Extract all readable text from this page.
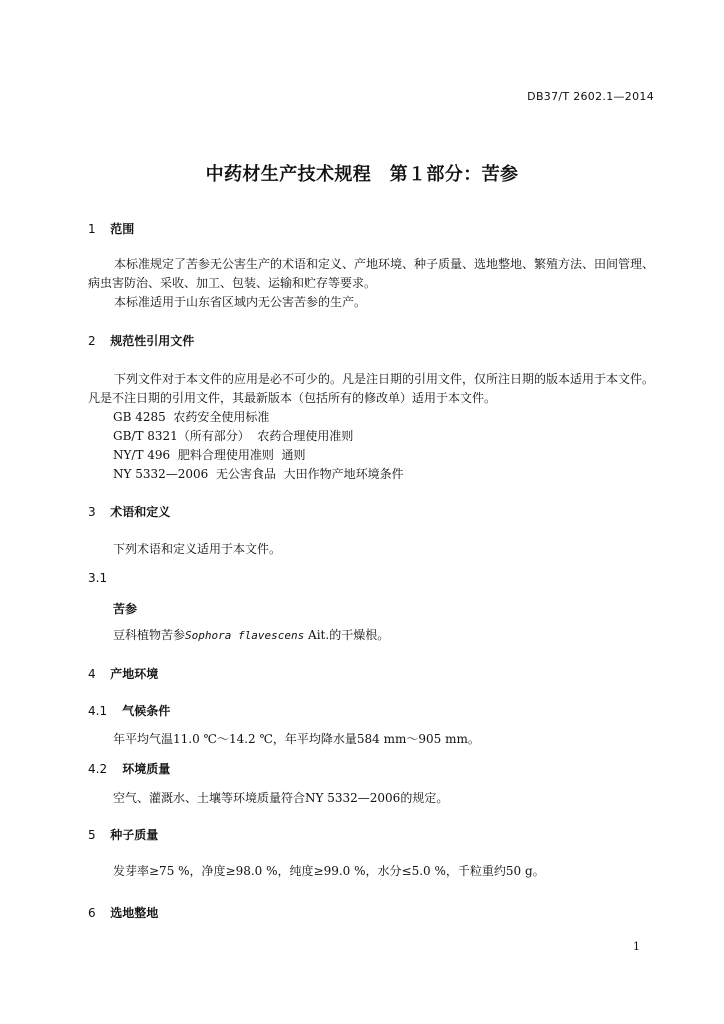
DB37/T 2602.1—2014
中药材生产技术规程　第１部分：苦参
1 范围
本标准规定了苦参无公害生产的术语和定义、产地环境、种子质量、选地整地、繁殖方法、田间管理、病虫害防治、采收、加工、包装、运输和贮存等要求。
本标准适用于山东省区域内无公害苦参的生产。
2 规范性引用文件
下列文件对于本文件的应用是必不可少的。凡是注日期的引用文件，仅所注日期的版本适用于本文件。凡是不注日期的引用文件，其最新版本（包括所有的修改单）适用于本文件。
GB 4285  农药安全使用标准
GB/T 8321（所有部分）  农药合理使用准则
NY/T 496  肥料合理使用准则  通则
NY 5332—2006  无公害食品  大田作物产地环境条件
3 术语和定义
下列术语和定义适用于本文件。
3.1
苦参
豆科植物苦参Sophora flavescens Ait.的干燥根。
4 产地环境
4.1 气候条件
年平均气温11.0 ℃～14.2 ℃，年平均降水量584 mm～905 mm。
4.2 环境质量
空气、灌溉水、土壤等环境质量符合NY 5332—2006的规定。
5 种子质量
发芽率≥75 %，净度≥98.0 %，纯度≥99.0 %，水分≤5.0 %，千粒重约50 g。
6 选地整地
1
